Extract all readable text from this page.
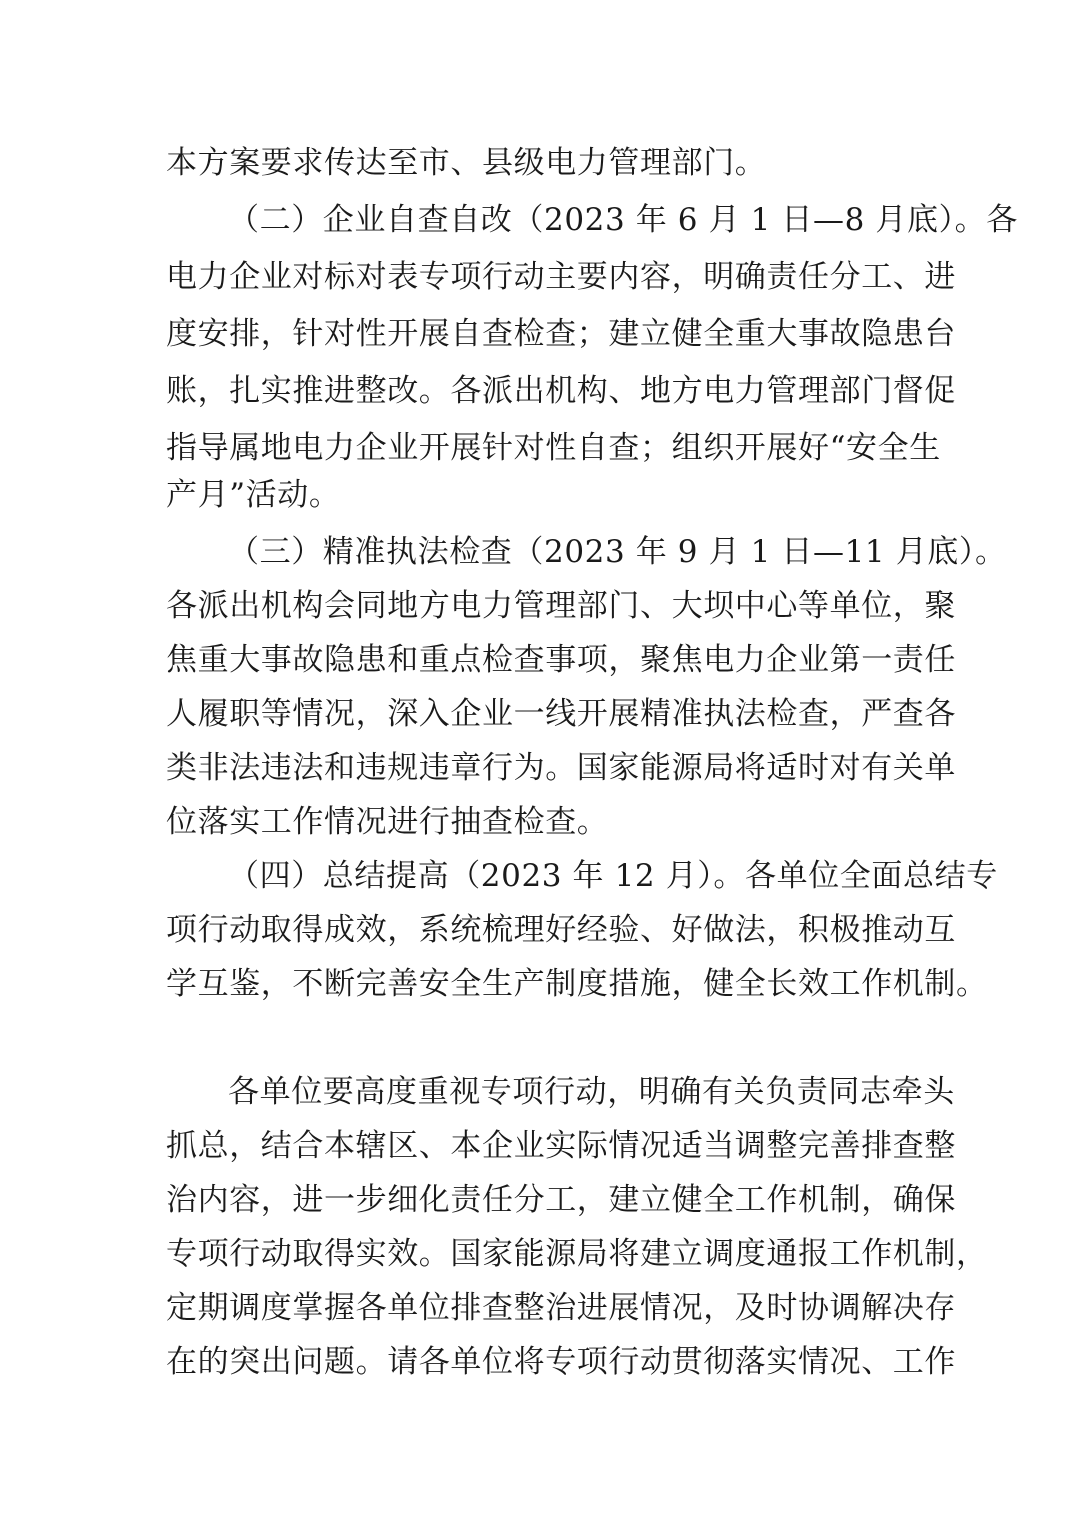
本方案要求传达至市、县级电力管理部门。
（二）企业自查自改（2023 年 6 月 1 日—8 月底）。各
电力企业对标对表专项行动主要内容，明确责任分工、进
度安排，针对性开展自查检查；建立健全重大事故隐患台
账，扎实推进整改。各派出机构、地方电力管理部门督促
指导属地电力企业开展针对性自查；组织开展好“安全生
产月”活动。
（三）精准执法检查（2023 年 9 月 1 日—11 月底）。
各派出机构会同地方电力管理部门、大坝中心等单位，聚
焦重大事故隐患和重点检查事项，聚焦电力企业第一责任
人履职等情况，深入企业一线开展精准执法检查，严查各
类非法违法和违规违章行为。国家能源局将适时对有关单
位落实工作情况进行抽查检查。
（四）总结提高（2023 年 12 月）。各单位全面总结专
项行动取得成效，系统梳理好经验、好做法，积极推动互
学互鉴，不断完善安全生产制度措施，健全长效工作机制。
各单位要高度重视专项行动，明确有关负责同志牵头
抓总，结合本辖区、本企业实际情况适当调整完善排查整
治内容，进一步细化责任分工，建立健全工作机制，确保
专项行动取得实效。国家能源局将建立调度通报工作机制，
定期调度掌握各单位排查整治进展情况，及时协调解决存
在的突出问题。请各单位将专项行动贯彻落实情况、工作
